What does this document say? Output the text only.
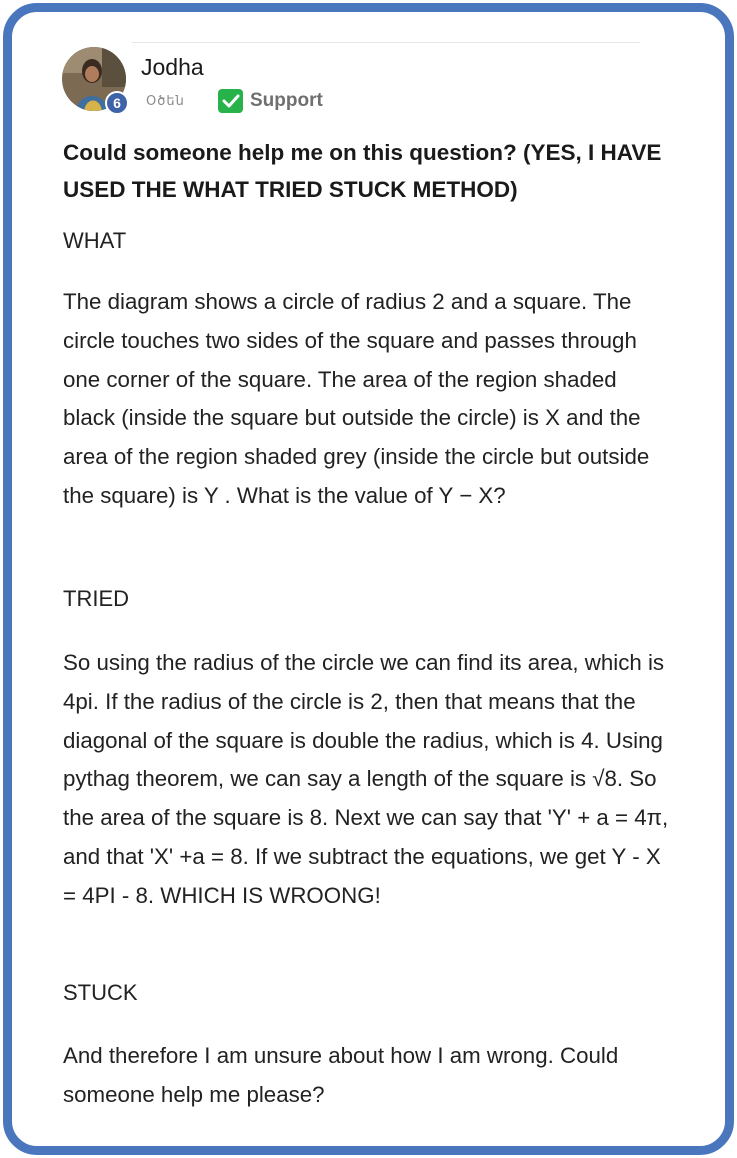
6
Jodha
Օծեն	Support
Could someone help me on this question? (YES, I HAVE USED THE WHAT TRIED STUCK METHOD)
WHAT

The diagram shows a circle of radius 2 and a square. The circle touches two sides of the square and passes through one corner of the square. The area of the region shaded black (inside the square but outside the circle) is X and the area of the region shaded grey (inside the circle but outside the square) is Y . What is the value of Y − X?

TRIED

So using the radius of the circle we can find its area, which is 4pi. If the radius of the circle is 2, then that means that the diagonal of the square is double the radius, which is 4. Using pythag theorem, we can say a length of the square is √8. So the area of the square is 8. Next we can say that 'Y' + a = 4π, and that 'X' +a = 8. If we subtract the equations, we get Y - X = 4PI - 8. WHICH IS WROONG!

STUCK

And therefore I am unsure about how I am wrong. Could someone help me please?
